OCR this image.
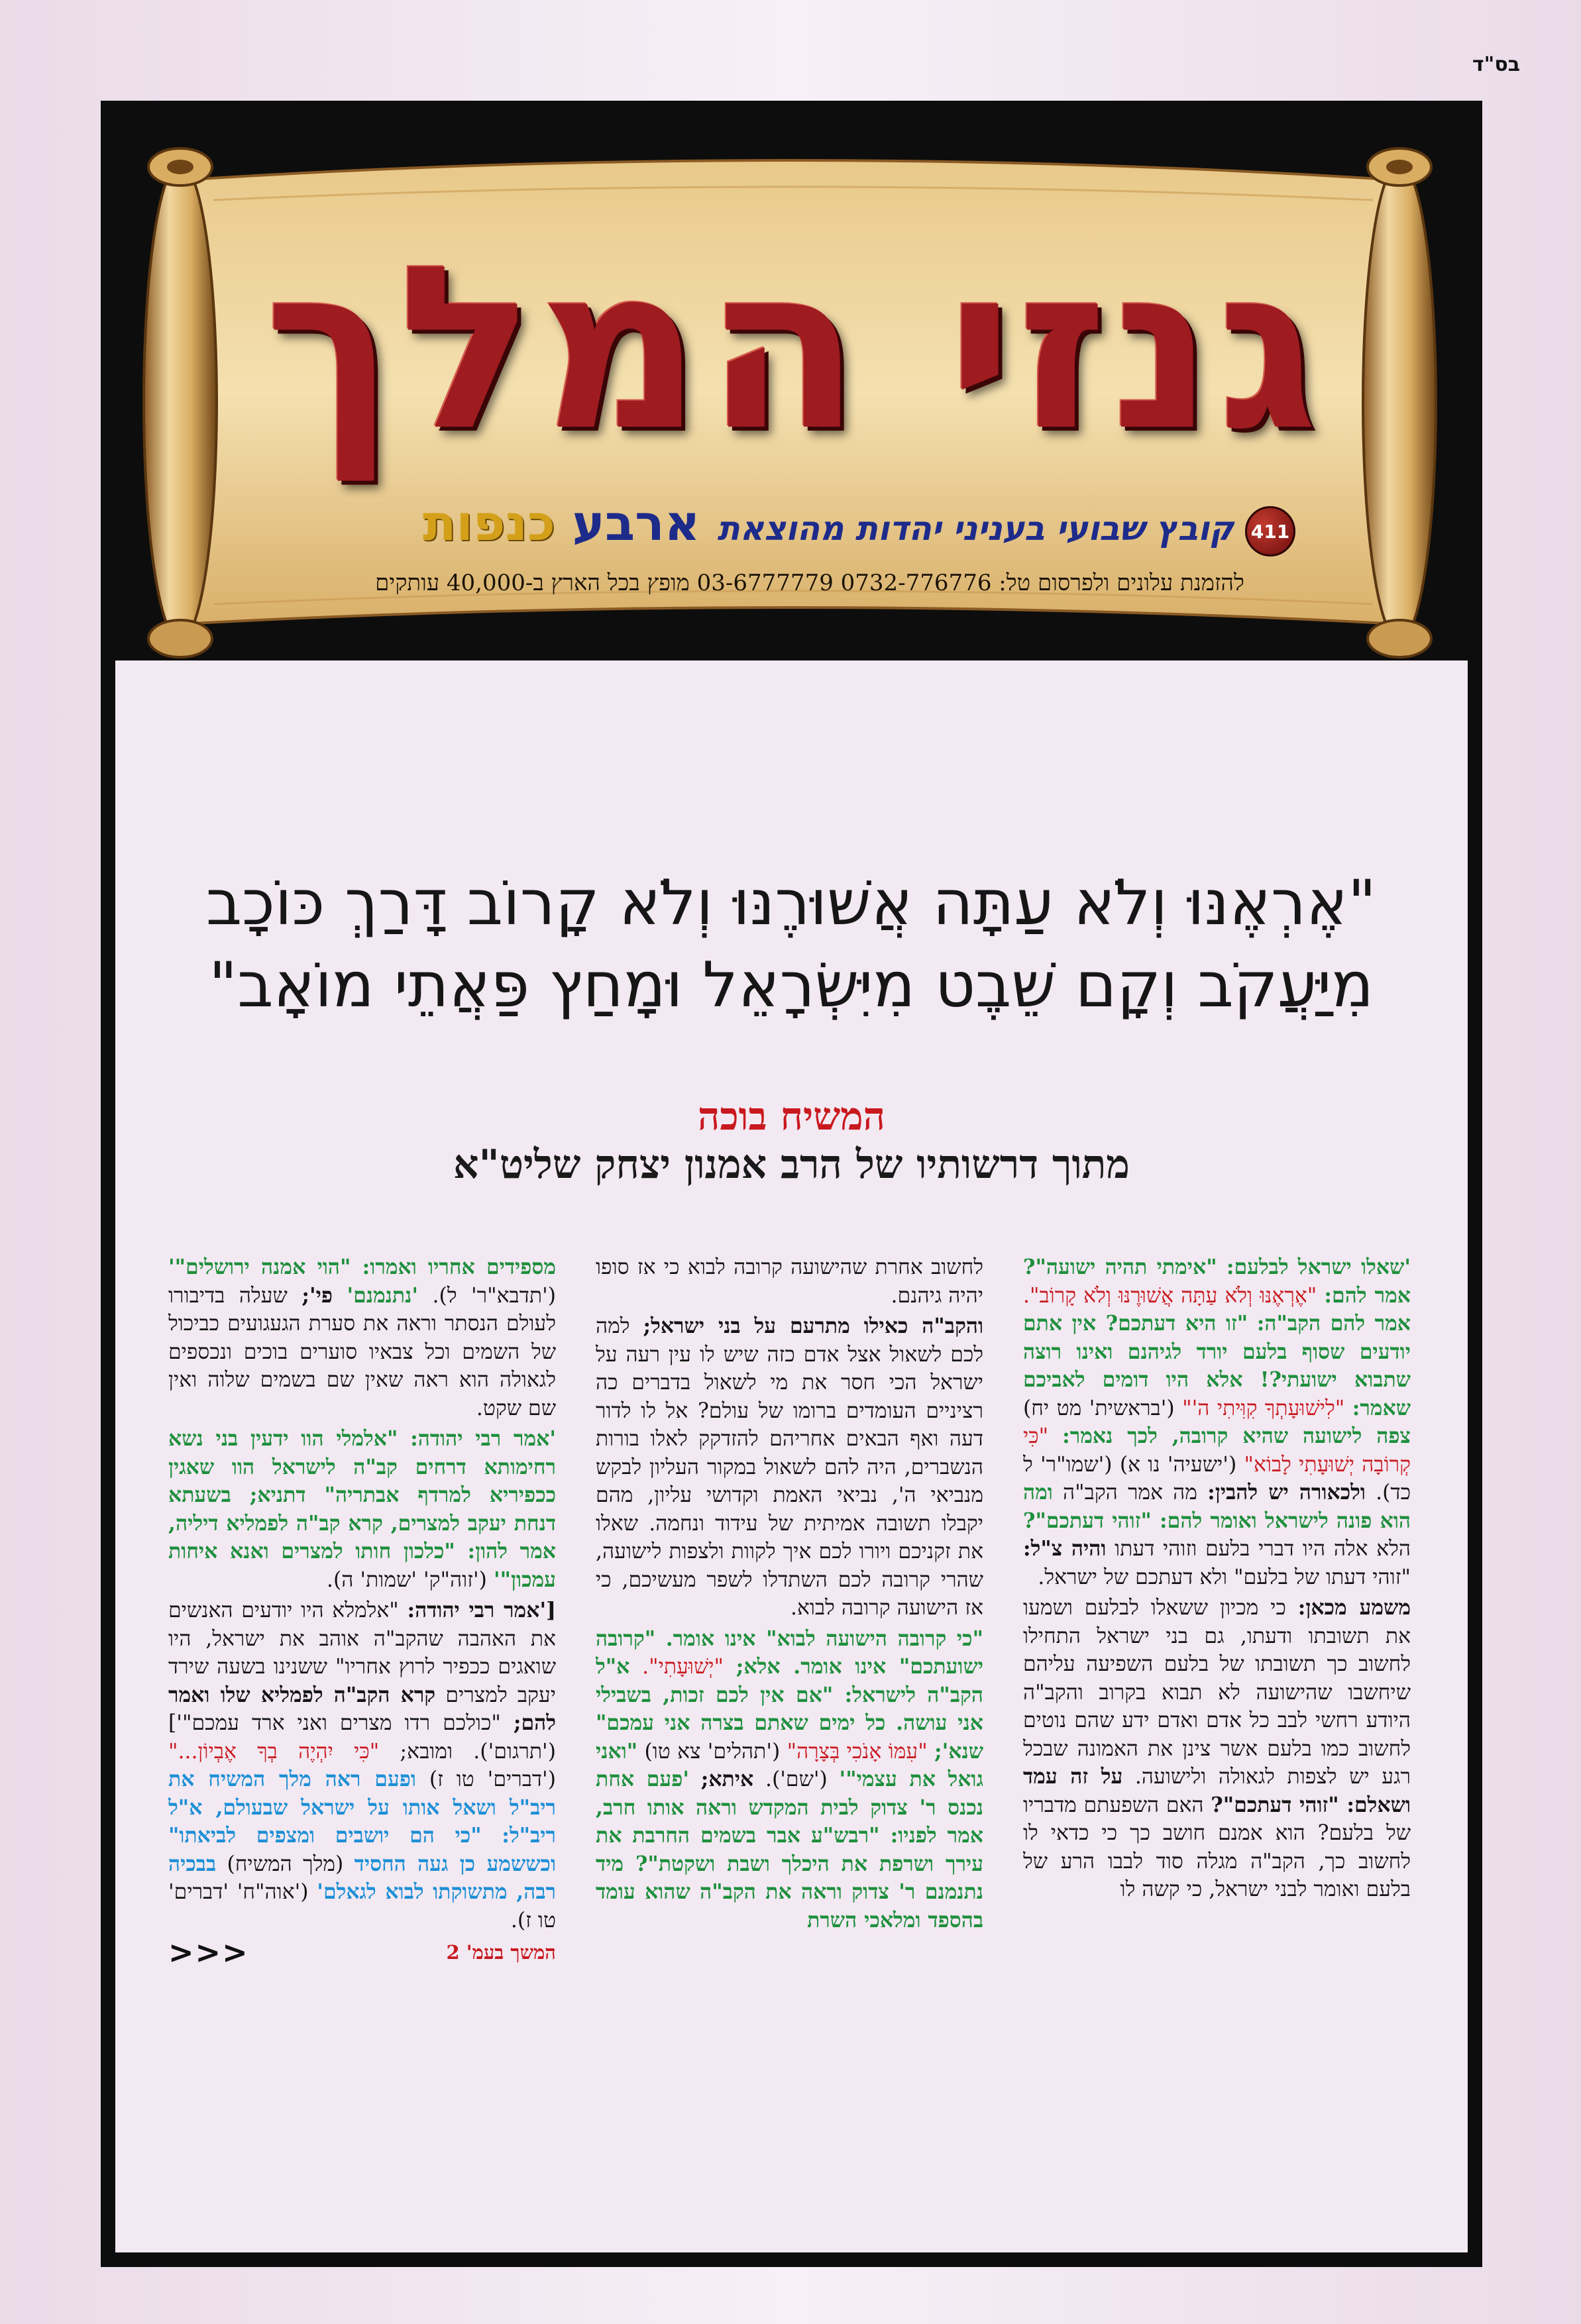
בס"ד
גנזי המלך
קובץ שבועי בעניני יהדות מהוצאת
ארבע כנפות	411
להזמנת עלונים ולפרסום טל: 0732-776776 03-6777779 מופץ בכל הארץ ב-40,000 עותקים
"אֶרְאֶנּוּ וְלֹא עַתָּה אֲשׁוּרֶנּוּ וְלֹא קָרוֹב דָּרַךְ כּוֹכָב
מִיַּעֲקֹב וְקָם שֵׁבֶט מִיִּשְׂרָאֵל וּמָחַץ פַּאֲתֵי מוֹאָב"
המשיח בוכה
מתוך דרשותיו של הרב אמנון יצחק שליט"א

'שאלו ישראל לבלעם: "אימתי תהיה ישועה"? אמר להם: "אֶרְאֶנּוּ וְלֹא עַתָּה אֲשׁוּרֶנּוּ וְלֹא קָרוֹב". אמר להם הקב"ה: "זו היא דעתכם? אין אתם יודעים שסוף בלעם יורד לגיהנם ואינו רוצה שתבוא ישועתי?! אלא היו דומים לאביכם שאמר: "לִישׁוּעָתְךָ קִוִּיתִי ה'" ('בראשית' מט יח) צפה לישועה שהיא קרובה, לכך נאמר: "כִּי קְרוֹבָה יְשׁוּעָתִי לָבוֹא" ('ישעיה' נו א) ('שמו"ר' ל כד). ולכאורה יש להבין: מה אמר הקב"ה ומה הוא פונה לישראל ואומר להם: "זוהי דעתכם"? הלא אלה היו דברי בלעם וזוהי דעתו והיה צ"ל: "זוהי דעתו של בלעם" ולא דעתכם של ישראל.

משמע מכאן: כי מכיון ששאלו לבלעם ושמעו את תשובתו ודעתו, גם בני ישראל התחילו לחשוב כך תשובתו של בלעם השפיעה עליהם שיחשבו שהישועה לא תבוא בקרוב והקב"ה היודע רחשי לבב כל אדם ואדם ידע שהם נוטים לחשוב כמו בלעם אשר צינן את האמונה שבכל רגע יש לצפות לגאולה ולישועה. על זה עמד ושאלם: "זוהי דעתכם"? האם השפעתם מדבריו של בלעם? הוא אמנם חושב כך כי כדאי לו לחשוב כך, הקב"ה מגלה סוד לבבו הרע של בלעם ואומר לבני ישראל, כי קשה לו

לחשוב אחרת שהישועה קרובה לבוא כי אז סופו יהיה גיהנם.

והקב"ה כאילו מתרעם על בני ישראל; למה לכם לשאול אצל אדם כזה שיש לו עין רעה על ישראל הכי חסר את מי לשאול בדברים כה רציניים העומדים ברומו של עולם? אל לו לדור דעה ואף הבאים אחריהם להזדקק לאלו בורות הנשברים, היה להם לשאול במקור העליון לבקש מנביאי ה', נביאי האמת וקדושי עליון, מהם יקבלו תשובה אמיתית של עידוד ונחמה. שאלו את זקניכם ויורו לכם איך לקוות ולצפות לישועה, שהרי קרובה לכם השתדלו לשפר מעשיכם, כי אז הישועה קרובה לבוא.

"כי קרובה הישועה לבוא" אינו אומר. "קרובה ישועתכם" אינו אומר. אלא; "יְשׁוּעָתִי". א"ל הקב"ה לישראל: "אם אין לכם זכות, בשבילי אני עושה. כל ימים שאתם בצרה אני עמכם" שנא'; "עִמּוֹ אָנֹכִי בְּצָרָה" ('תהלים' צא טו) "ואני גואל את עצמי"' ('שם'). איתא; 'פעם אחת נכנס ר' צדוק לבית המקדש וראה אותו חרב, אמר לפניו: "רבש"ע אבר בשמים החרבת את עירך ושרפת את היכלך ושבת ושקטת"? מיד נתנמנם ר' צדוק וראה את הקב"ה שהוא עומד בהספד ומלאכי השרת

מספידים אחריו ואמרו: "הוי אמנה ירושלים"' ('תדבא"ר' ל). 'נתנמנם' פי'; שעלה בדיבורו לעולם הנסתר וראה את סערת הגעגועים כביכול של השמים וכל צבאיו סוערים בוכים ונכספים לגאולה הוא ראה שאין שם בשמים שלוה ואין שם שקט.

'אמר רבי יהודה: "אלמלי הוו ידעין בני נשא רחימותא דרחים קב"ה לישראל הוו שאגין ככפיריא למרדף אבתריה" דתניא; בשעתא דנחת יעקב למצרים, קרא קב"ה לפמליא דיליה, אמר להון: "כלכון חותו למצרים ואנא איחות עמכון"' ('זוה"ק' 'שמות' ה).

['אמר רבי יהודה: "אלמלא היו יודעים האנשים את האהבה שהקב"ה אוהב את ישראל, היו שואגים ככפיר לרוץ אחריו" ששנינו בשעה שירד יעקב למצרים קרא הקב"ה לפמליא שלו ואמר להם; "כולכם רדו מצרים ואני ארד עמכם"'] ('תרגום'). ומובא; "כִּי יִהְיֶה בְךָ אֶבְיוֹן..." ('דברים' טו ז) ופעם ראה מלך המשיח את ריב"ל ושאל אותו על ישראל שבעולם, א"ל ריב"ל: "כי הם יושבים ומצפים לביאתו" וכששמע כן געה החסיד (מלך המשיח) בבכיה רבה, מתשוקתו לבוא לגאלם' ('אוה"ח' 'דברים' טו ז).

המשך בעמ' 2
<<<
